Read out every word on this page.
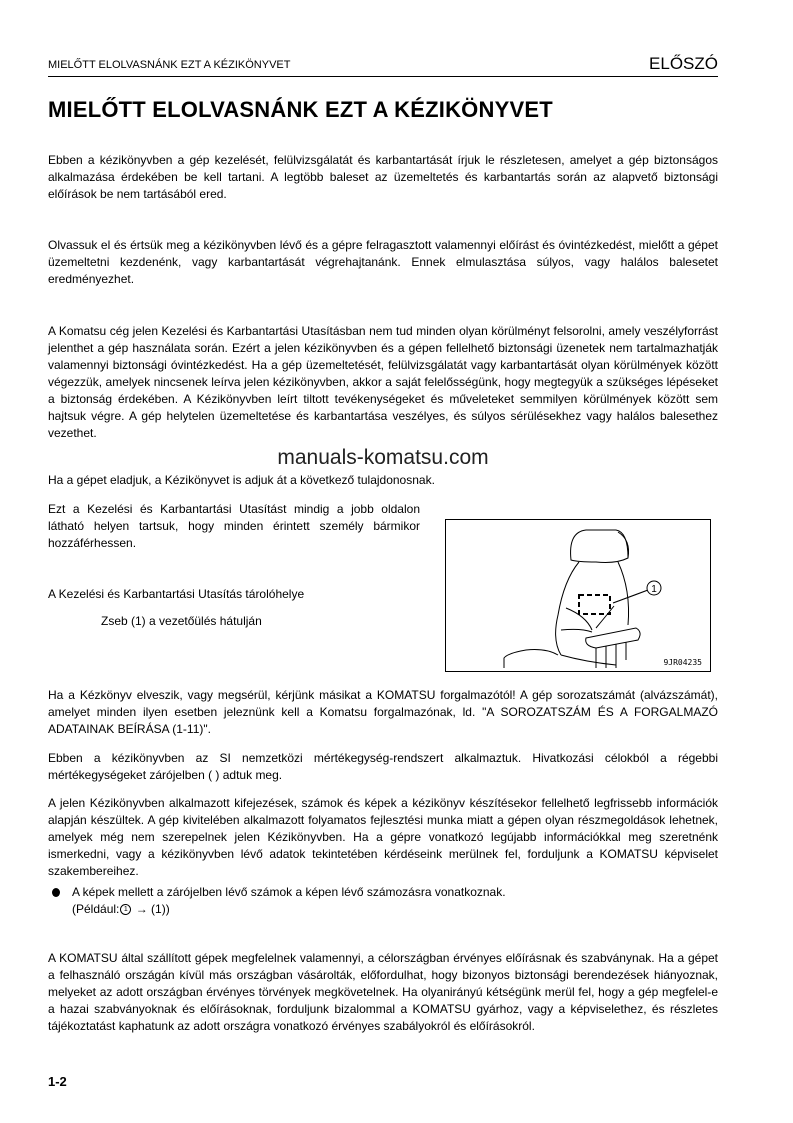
MIELŐTT ELOLVASNÁNK EZT A KÉZIKÖNYVET	ELŐSZÓ
MIELŐTT ELOLVASNÁNK EZT A KÉZIKÖNYVET
Ebben a kézikönyvben a gép kezelését, felülvizsgálatát és karbantartását írjuk le részletesen, amelyet a gép biztonságos alkalmazása érdekében be kell tartani. A legtöbb baleset az üzemeltetés és karbantartás során az alapvető biztonsági előírások be nem tartásából ered.
Olvassuk el és értsük meg a kézikönyvben lévő és a gépre felragasztott valamennyi előírást és óvintézkedést, mielőtt a gépet üzemeltetni kezdenénk, vagy karbantartását végrehajtanánk. Ennek elmulasztása súlyos, vagy halálos balesetet eredményezhet.
A Komatsu cég jelen Kezelési és Karbantartási Utasításban nem tud minden olyan körülményt felsorolni, amely veszélyforrást jelenthet a gép használata során. Ezért a jelen kézikönyvben és a gépen fellelhető biztonsági üzenetek nem tartalmazhatják valamennyi biztonsági óvintézkedést. Ha a gép üzemeltetését, felülvizsgálatát vagy karbantartását olyan körülmények között végezzük, amelyek nincsenek leírva jelen kézikönyvben, akkor a saját felelősségünk, hogy megtegyük a szükséges lépéseket a biztonság érdekében. A Kézikönyvben leírt tiltott tevékenységeket és műveleteket semmilyen körülmények között sem hajtsuk végre. A gép helytelen üzemeltetése és karbantartása veszélyes, és súlyos sérülésekhez vagy halálos balesethez vezethet.
manuals-komatsu.com
Ha a gépet eladjuk, a Kézikönyvet is adjuk át a következő tulajdonosnak.
Ezt a Kezelési és Karbantartási Utasítást mindig a jobb oldalon látható helyen tartsuk, hogy minden érintett személy bármikor hozzáférhessen.
A Kezelési és Karbantartási Utasítás tárolóhelye
Zseb (1) a vezetőülés hátulján
1
9JR04235
Ha a Kézkönyv elveszik, vagy megsérül, kérjünk másikat a KOMATSU forgalmazótól! A gép sorozatszámát (alvázszámát), amelyet minden ilyen esetben jeleznünk kell a Komatsu forgalmazónak, ld. "A SOROZATSZÁM ÉS A FORGALMAZÓ ADATAINAK BEÍRÁSA (1-11)".
Ebben a kézikönyvben az SI nemzetközi mértékegység-rendszert alkalmaztuk. Hivatkozási célokból a régebbi mértékegységeket zárójelben ( ) adtuk meg.
A jelen Kézikönyvben alkalmazott kifejezések, számok és képek a kézikönyv készítésekor fellelhető legfrissebb információk alapján készültek. A gép kivitelében alkalmazott folyamatos fejlesztési munka miatt a gépen olyan részmegoldások lehetnek, amelyek még nem szerepelnek jelen Kézikönyvben. Ha a gépre vonatkozó legújabb információkkal meg szeretnénk ismerkedni, vagy a kézikönyvben lévő adatok tekintetében kérdéseink merülnek fel, forduljunk a KOMATSU képviselet szakembereihez.
A képek mellett a zárójelben lévő számok a képen lévő számozásra vonatkoznak.
(Például: 1 → (1))
A KOMATSU által szállított gépek megfelelnek valamennyi, a célországban érvényes előírásnak és szabványnak. Ha a gépet a felhasználó országán kívül más országban vásárolták, előfordulhat, hogy bizonyos biztonsági berendezések hiányoznak, melyeket az adott országban érvényes törvények megkövetelnek. Ha olyanirányú kétségünk merül fel, hogy a gép megfelel-e a hazai szabványoknak és előírásoknak, forduljunk bizalommal a KOMATSU gyárhoz, vagy a képviselethez, és részletes tájékoztatást kaphatunk az adott országra vonatkozó érvényes szabályokról és előírásokról.
1-2
